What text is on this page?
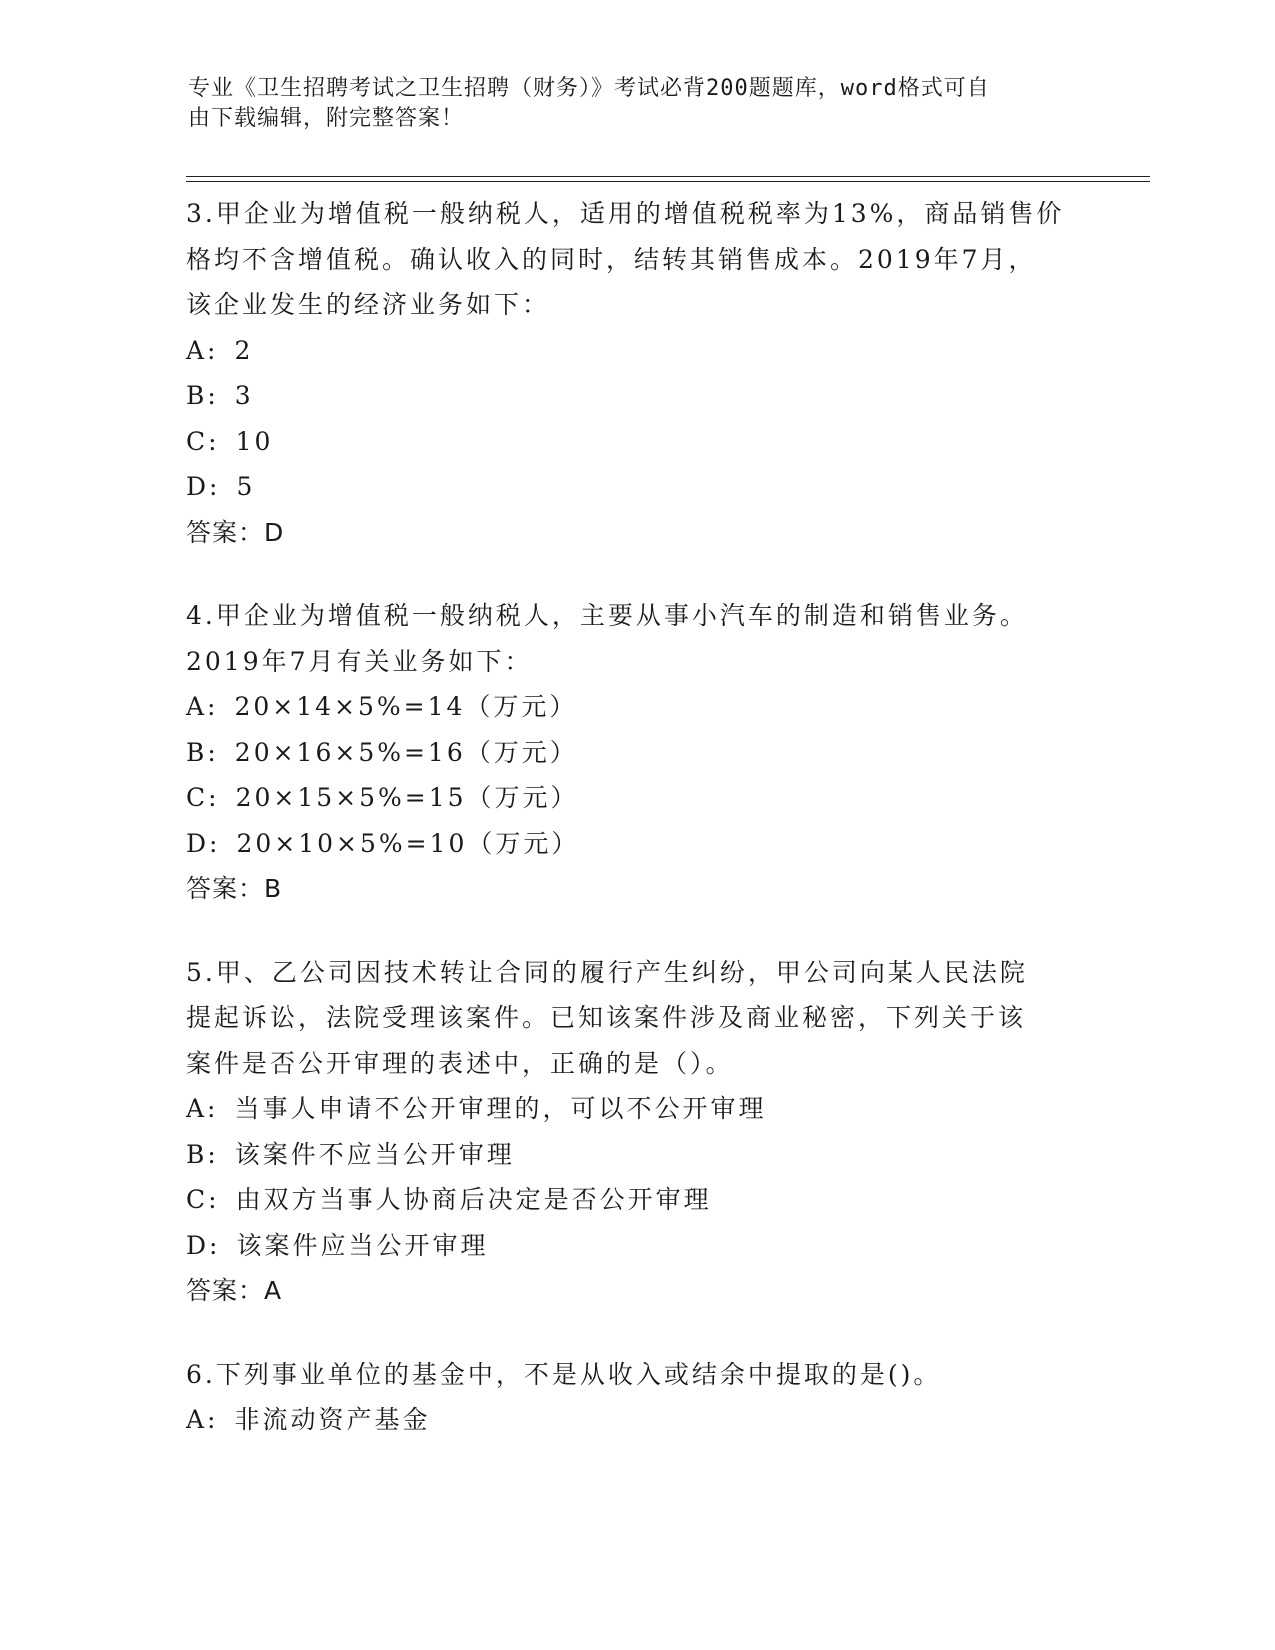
专业《卫生招聘考试之卫生招聘（财务）》考试必背200题题库，word格式可自
由下载编辑，附完整答案！
3.甲企业为增值税一般纳税人，适用的增值税税率为13%，商品销售价
格均不含增值税。确认收入的同时，结转其销售成本。2019年7月，
该企业发生的经济业务如下：
A: 2
B: 3
C: 10
D: 5
答案：D
4.甲企业为增值税一般纳税人，主要从事小汽车的制造和销售业务。
2019年7月有关业务如下：
A: 20×14×5%=14（万元）
B: 20×16×5%=16（万元）
C: 20×15×5%=15（万元）
D: 20×10×5%=10（万元）
答案：B
5.甲、乙公司因技术转让合同的履行产生纠纷，甲公司向某人民法院
提起诉讼，法院受理该案件。已知该案件涉及商业秘密，下列关于该
案件是否公开审理的表述中，正确的是（）。
A: 当事人申请不公开审理的，可以不公开审理
B: 该案件不应当公开审理
C: 由双方当事人协商后决定是否公开审理
D: 该案件应当公开审理
答案：A
6.下列事业单位的基金中，不是从收入或结余中提取的是()。
A: 非流动资产基金
